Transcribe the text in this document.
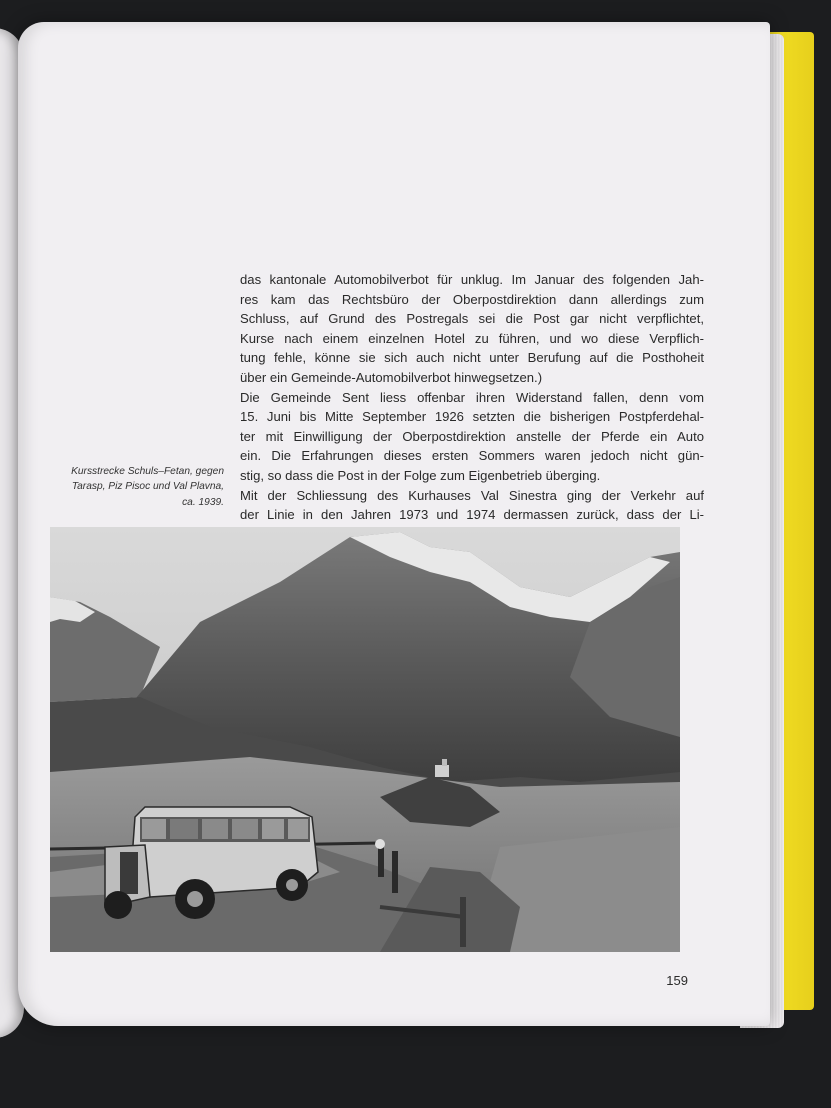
das kantonale Automobilverbot für unklug. Im Januar des folgenden Jah-
res kam das Rechtsbüro der Oberpostdirektion dann allerdings zum
Schluss, auf Grund des Postregals sei die Post gar nicht verpflichtet,
Kurse nach einem einzelnen Hotel zu führen, und wo diese Verpflich-
tung fehle, könne sie sich auch nicht unter Berufung auf die Posthoheit
über ein Gemeinde-Automobilverbot hinwegsetzen.)
Die Gemeinde Sent liess offenbar ihren Widerstand fallen, denn vom
15. Juni bis Mitte September 1926 setzten die bisherigen Postpferdehal-
ter mit Einwilligung der Oberpostdirektion anstelle der Pferde ein Auto
ein. Die Erfahrungen dieses ersten Sommers waren jedoch nicht gün-
stig, so dass die Post in der Folge zum Eigenbetrieb überging.
Mit der Schliessung des Kurhauses Val Sinestra ging der Verkehr auf
der Linie in den Jahren 1973 und 1974 dermassen zurück, dass der Li-
Kursstrecke Schuls–Fetan, gegen
Tarasp, Piz Pisoc und Val Plavna,
ca. 1939.
159
